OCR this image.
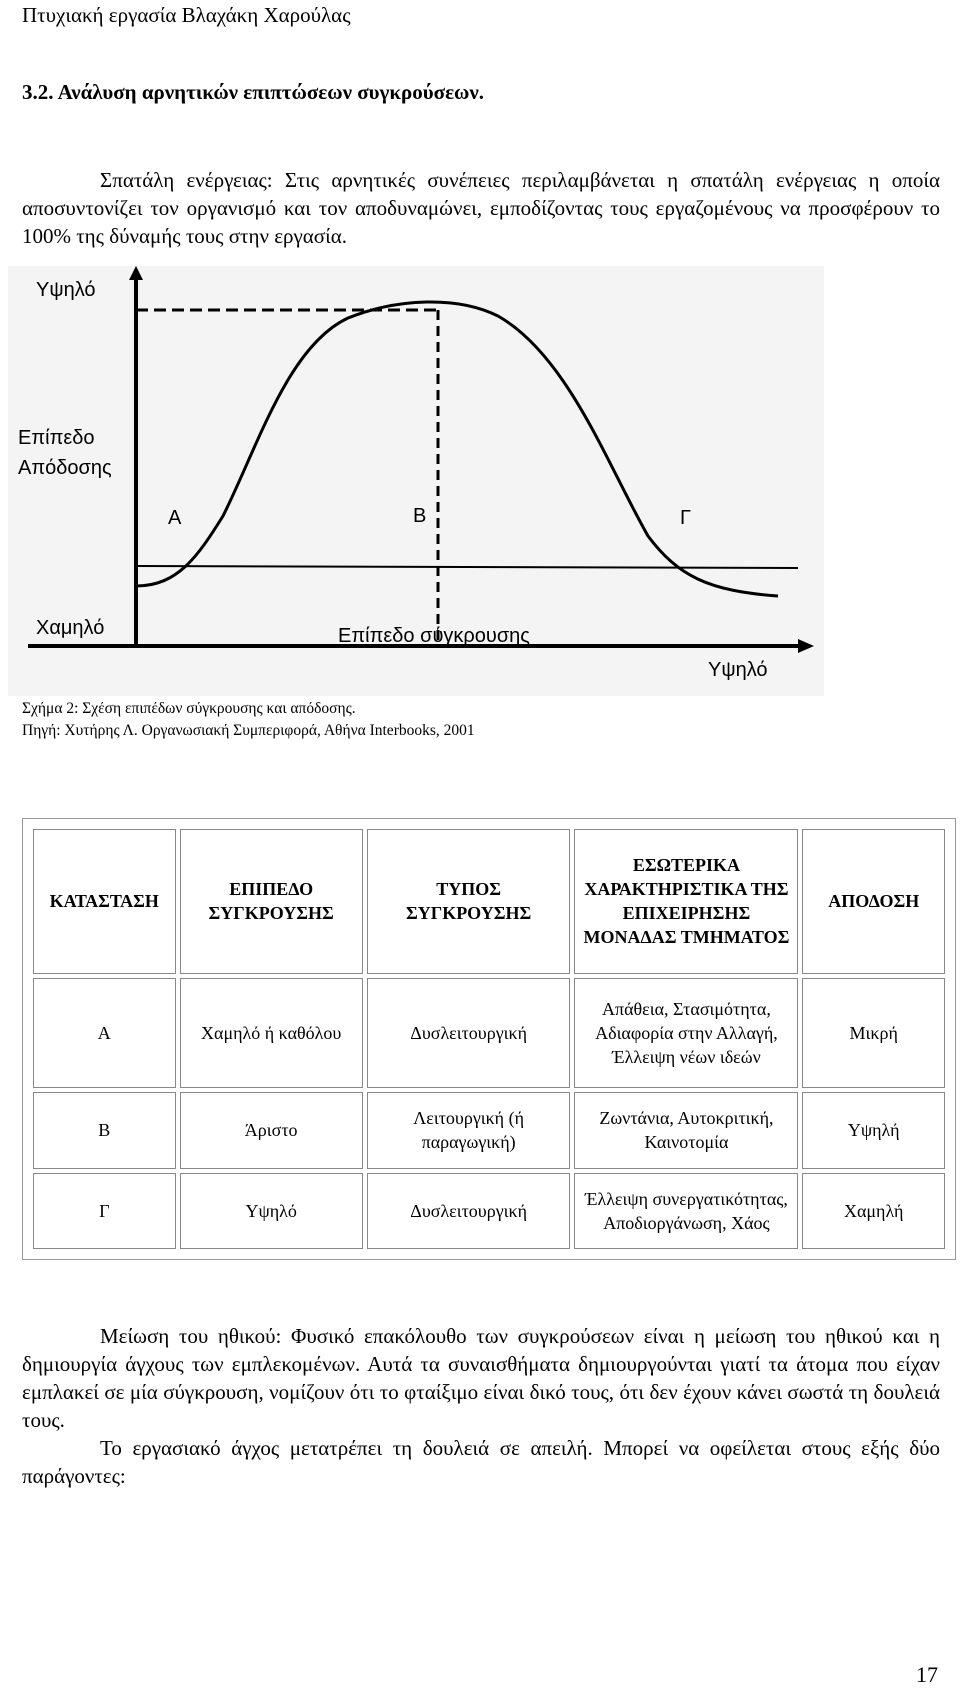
Πτυχιακή εργασία Βλαχάκη Χαρούλας
3.2. Ανάλυση αρνητικών επιπτώσεων συγκρούσεων.

Σπατάλη ενέργειας: Στις αρνητικές συνέπειες περιλαμβάνεται η σπατάλη ενέργειας η οποία αποσυντονίζει τον οργανισμό και τον αποδυναμώνει, εμποδίζοντας τους εργαζομένους να προσφέρουν το 100% της δύναμής τους στην εργασία.

Υψηλό
Επίπεδο
Απόδοσης
Χαμηλό	Επίπεδο σύγκρουσης
Υψηλό
Α	Β	Γ
Σχήμα 2: Σχέση επιπέδων σύγκρουσης και απόδοσης.
Πηγή: Χυτήρης Λ. Οργανωσιακή Συμπεριφορά, Αθήνα Interbooks, 2001
ΚΑΤΑΣΤΑΣΗ	ΕΠΙΠΕΔΟ ΣΥΓΚΡΟΥΣΗΣ	ΤΥΠΟΣ ΣΥΓΚΡΟΥΣΗΣ	ΕΣΩΤΕΡΙΚΑ ΧΑΡΑΚΤΗΡΙΣΤΙΚΑ ΤΗΣ ΕΠΙΧΕΙΡΗΣΗΣ ΜΟΝΑΔΑΣ ΤΜΗΜΑΤΟΣ	ΑΠΟΔΟΣΗ
Α	Χαμηλό ή καθόλου	Δυσλειτουργική	Απάθεια, Στασιμότητα, Αδιαφορία στην Αλλαγή, Έλλειψη νέων ιδεών	Μικρή
Β	Άριστο	Λειτουργική (ή παραγωγική)	Ζωντάνια, Αυτοκριτική, Καινοτομία	Υψηλή
Γ	Υψηλό	Δυσλειτουργική	Έλλειψη συνεργατικότητας, Αποδιοργάνωση, Χάος	Χαμηλή

Μείωση του ηθικού: Φυσικό επακόλουθο των συγκρούσεων είναι η μείωση του ηθικού και η δημιουργία άγχους των εμπλεκομένων. Αυτά τα συναισθήματα δημιουργούνται γιατί τα άτομα που είχαν εμπλακεί σε μία σύγκρουση, νομίζουν ότι το φταίξιμο είναι δικό τους, ότι δεν έχουν κάνει σωστά τη δουλειά τους.

Το εργασιακό άγχος μετατρέπει τη δουλειά σε απειλή. Μπορεί να οφείλεται στους εξής δύο παράγοντες:

17
